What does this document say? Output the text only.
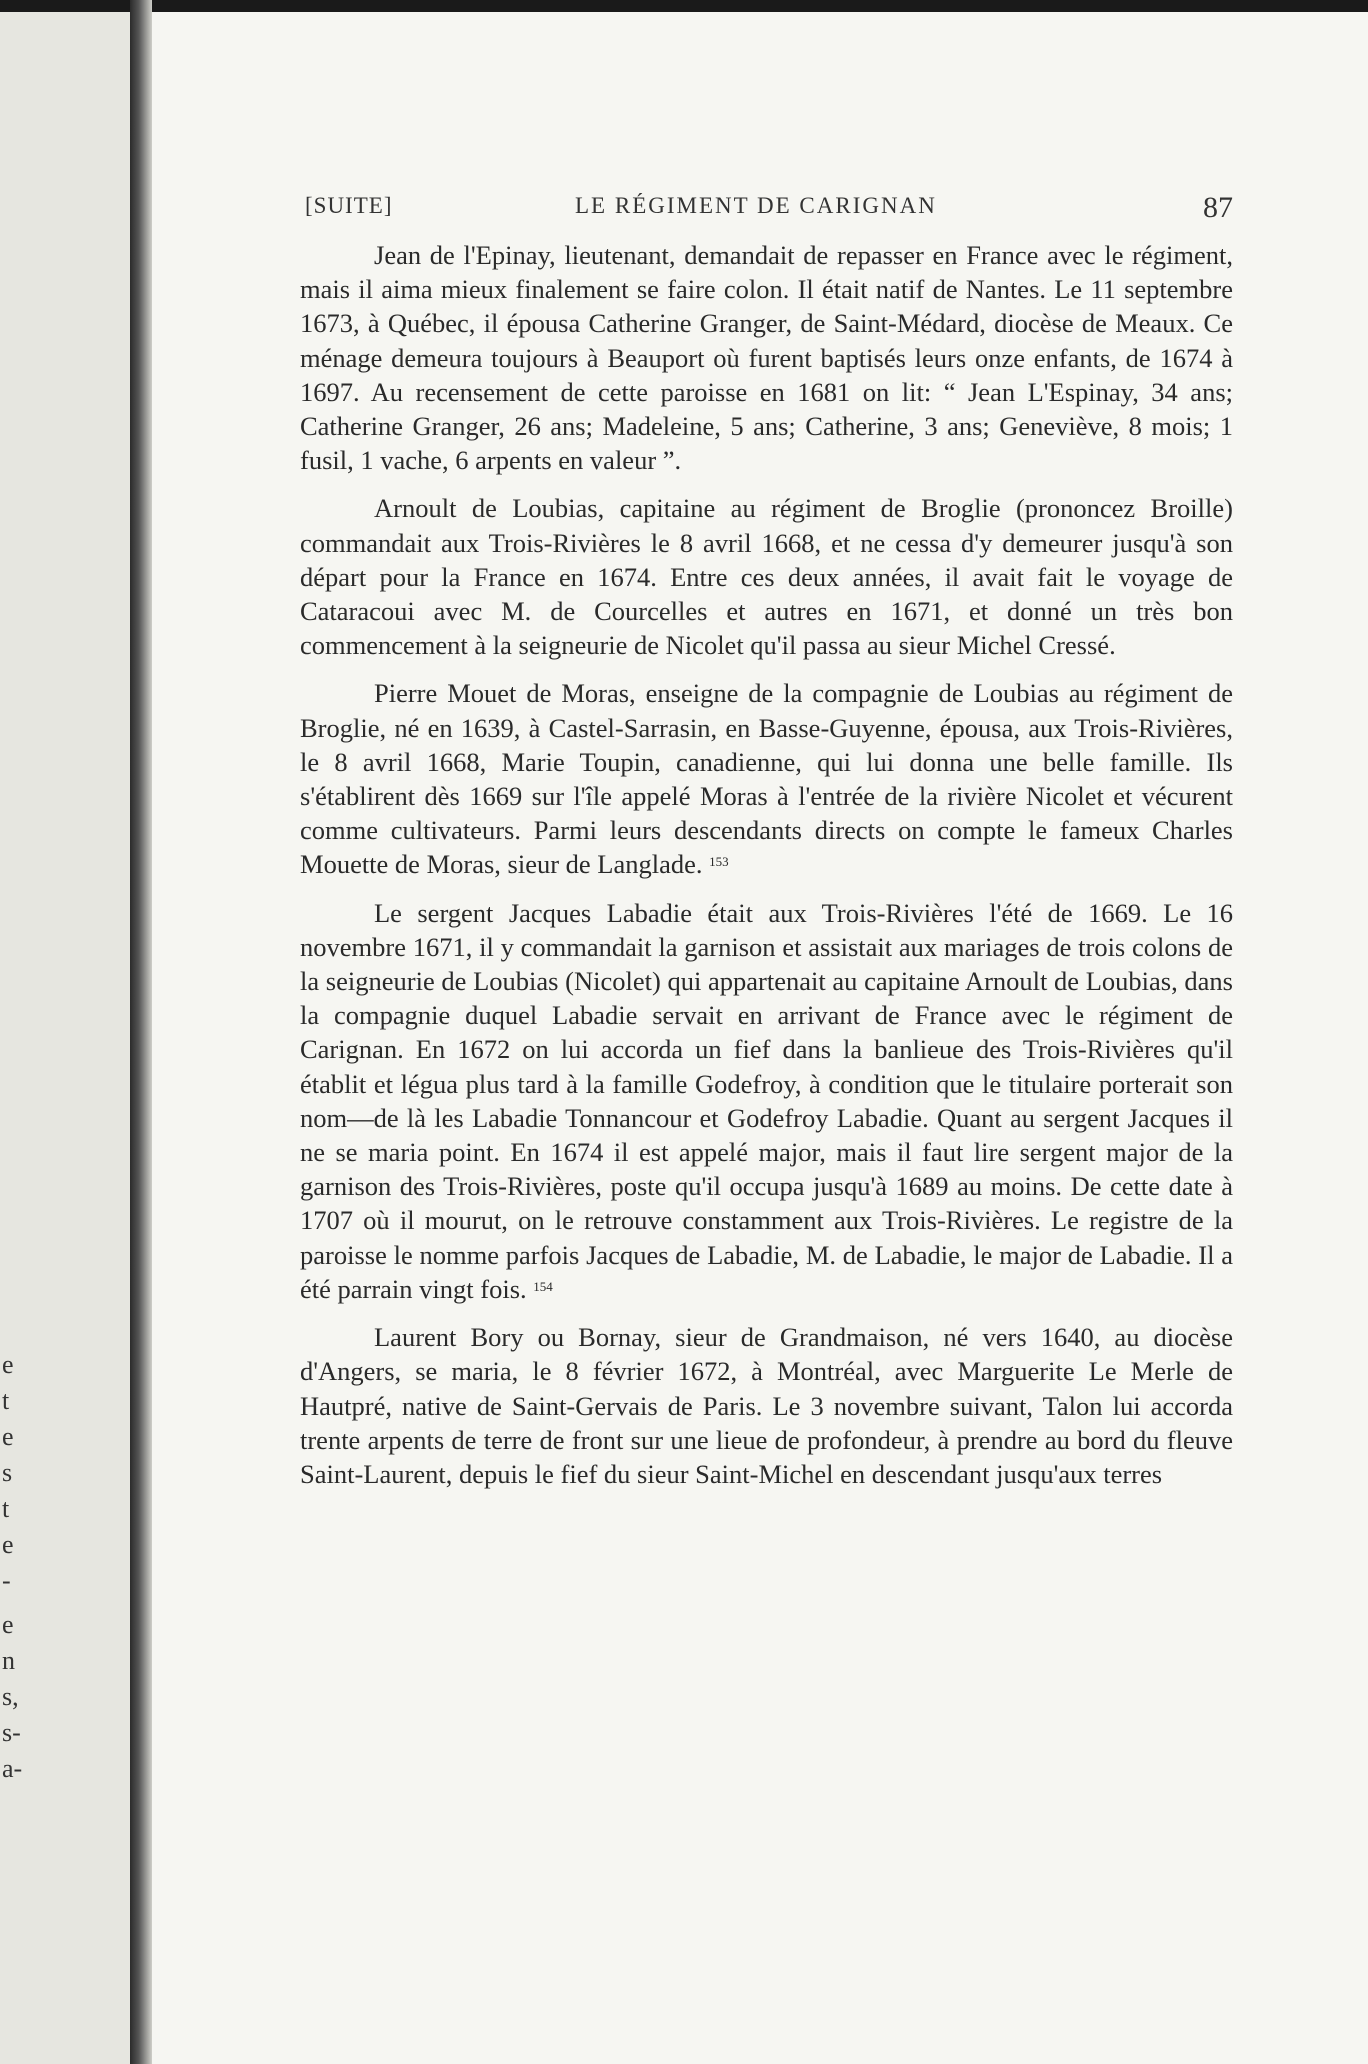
e
t
e
s
t
e
-
e
n
s,
s-
a-
[SUITE]	LE RÉGIMENT DE CARIGNAN	87

Jean de l'Epinay, lieutenant, demandait de repasser en France avec le régiment, mais il aima mieux finalement se faire colon. Il était natif de Nantes. Le 11 septembre 1673, à Québec, il épousa Catherine Granger, de Saint-Médard, diocèse de Meaux. Ce ménage demeura toujours à Beauport où furent baptisés leurs onze enfants, de 1674 à 1697. Au recensement de cette paroisse en 1681 on lit: “ Jean L'Espinay, 34 ans; Catherine Granger, 26 ans; Madeleine, 5 ans; Catherine, 3 ans; Geneviève, 8 mois; 1 fusil, 1 vache, 6 arpents en valeur ”.

Arnoult de Loubias, capitaine au régiment de Broglie (prononcez Broille) commandait aux Trois-Rivières le 8 avril 1668, et ne cessa d'y demeurer jusqu'à son départ pour la France en 1674. Entre ces deux années, il avait fait le voyage de Cataracoui avec M. de Courcelles et autres en 1671, et donné un très bon commencement à la seigneurie de Nicolet qu'il passa au sieur Michel Cressé.

Pierre Mouet de Moras, enseigne de la compagnie de Loubias au régiment de Broglie, né en 1639, à Castel-Sarrasin, en Basse-Guyenne, épousa, aux Trois-Rivières, le 8 avril 1668, Marie Toupin, canadienne, qui lui donna une belle famille. Ils s'établirent dès 1669 sur l'île appelé Moras à l'entrée de la rivière Nicolet et vécurent comme cultivateurs. Parmi leurs descendants directs on compte le fameux Charles Mouette de Moras, sieur de Langlade. $^{153}$

Le sergent Jacques Labadie était aux Trois-Rivières l'été de 1669. Le 16 novembre 1671, il y commandait la garnison et assistait aux mariages de trois colons de la seigneurie de Loubias (Nicolet) qui appartenait au capitaine Arnoult de Loubias, dans la compagnie duquel Labadie servait en arrivant de France avec le régiment de Carignan. En 1672 on lui accorda un fief dans la banlieue des Trois-Rivières qu'il établit et légua plus tard à la famille Godefroy, à condition que le titulaire porterait son nom—de là les Labadie Tonnancour et Godefroy Labadie. Quant au sergent Jacques il ne se maria point. En 1674 il est appelé major, mais il faut lire sergent major de la garnison des Trois-Rivières, poste qu'il occupa jusqu'à 1689 au moins. De cette date à 1707 où il mourut, on le retrouve constamment aux Trois-Rivières. Le registre de la paroisse le nomme parfois Jacques de Labadie, M. de Labadie, le major de Labadie. Il a été parrain vingt fois. $^{154}$

Laurent Bory ou Bornay, sieur de Grandmaison, né vers 1640, au diocèse d'Angers, se maria, le 8 février 1672, à Montréal, avec Marguerite Le Merle de Hautpré, native de Saint-Gervais de Paris. Le 3 novembre suivant, Talon lui accorda trente arpents de terre de front sur une lieue de profondeur, à prendre au bord du fleuve Saint-Laurent, depuis le fief du sieur Saint-Michel en descendant jusqu'aux terres
